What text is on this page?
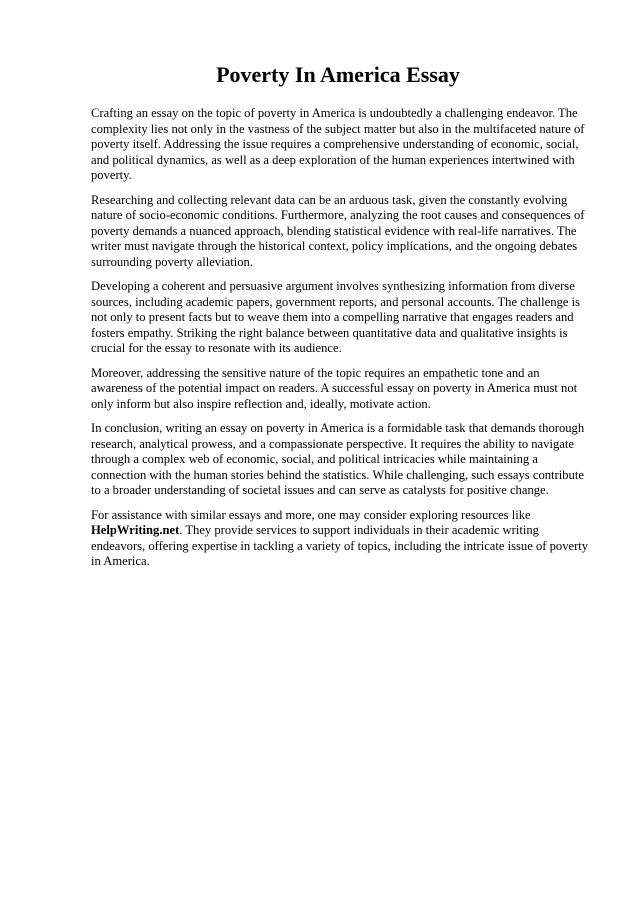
Poverty In America Essay

Crafting an essay on the topic of poverty in America is undoubtedly a challenging endeavor. The complexity lies not only in the vastness of the subject matter but also in the multifaceted nature of poverty itself. Addressing the issue requires a comprehensive understanding of economic, social, and political dynamics, as well as a deep exploration of the human experiences intertwined with poverty.

Researching and collecting relevant data can be an arduous task, given the constantly evolving nature of socio-economic conditions. Furthermore, analyzing the root causes and consequences of poverty demands a nuanced approach, blending statistical evidence with real-life narratives. The writer must navigate through the historical context, policy implications, and the ongoing debates surrounding poverty alleviation.

Developing a coherent and persuasive argument involves synthesizing information from diverse sources, including academic papers, government reports, and personal accounts. The challenge is not only to present facts but to weave them into a compelling narrative that engages readers and fosters empathy. Striking the right balance between quantitative data and qualitative insights is crucial for the essay to resonate with its audience.

Moreover, addressing the sensitive nature of the topic requires an empathetic tone and an awareness of the potential impact on readers. A successful essay on poverty in America must not only inform but also inspire reflection and, ideally, motivate action.

In conclusion, writing an essay on poverty in America is a formidable task that demands thorough research, analytical prowess, and a compassionate perspective. It requires the ability to navigate through a complex web of economic, social, and political intricacies while maintaining a connection with the human stories behind the statistics. While challenging, such essays contribute to a broader understanding of societal issues and can serve as catalysts for positive change.

For assistance with similar essays and more, one may consider exploring resources like
HelpWriting.net. They provide services to support individuals in their academic writing endeavors, offering expertise in tackling a variety of topics, including the intricate issue of poverty in America.
